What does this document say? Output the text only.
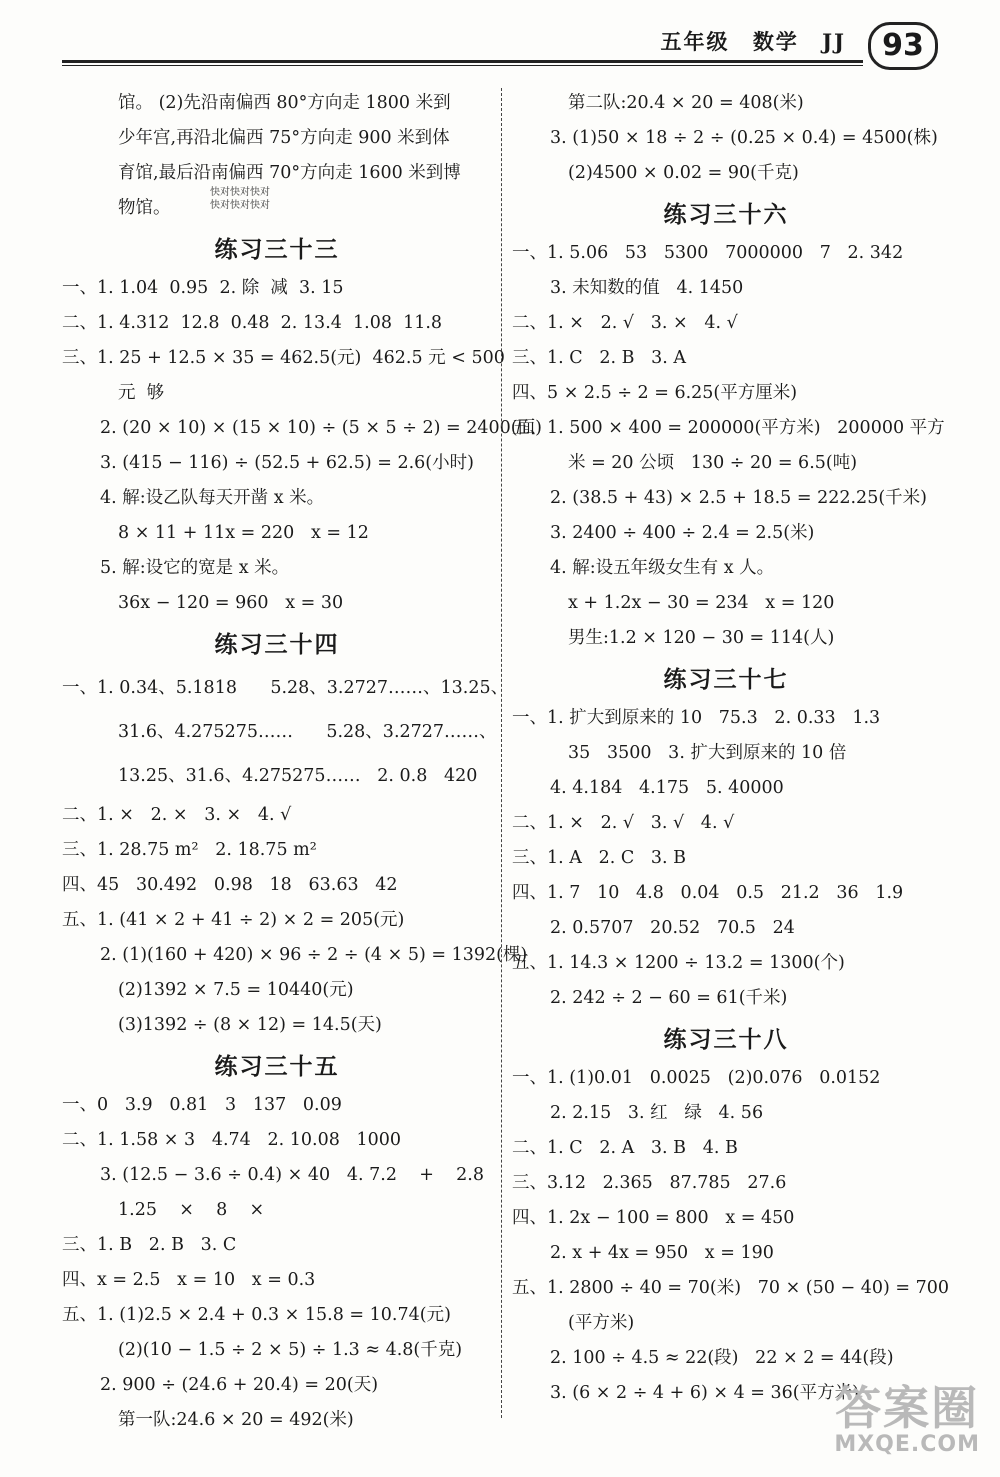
五年级 数学 JJ	93
馆。 (2)先沿南偏西 80°方向走 1800 米到
少年宫,再沿北偏西 75°方向走 900 米到体
育馆,最后沿南偏西 70°方向走 1600 米到博
物馆。
练习三十三
一、1. 1.04  0.95  2. 除  减  3. 15
二、1. 4.312  12.8  0.48  2. 13.4  1.08  11.8
三、1. 25 + 12.5 × 35 = 462.5(元)  462.5 元 < 500
元  够
2. (20 × 10) × (15 × 10) ÷ (5 × 5 ÷ 2) = 2400(面)
3. (415 − 116) ÷ (52.5 + 62.5) = 2.6(小时)
4. 解:设乙队每天开凿 x 米。
8 × 11 + 11x = 220   x = 12
5. 解:设它的宽是 x 米。
36x − 120 = 960   x = 30
练习三十四
一、1. 0.34、5.1818      5.28、3.2727……、13.25、
31.6、4.275275……      5.28、3.2727……、
13.25、31.6、4.275275……   2. 0.8   420
二、1. ×   2. ×   3. ×   4. √
三、1. 28.75 m²   2. 18.75 m²
四、45   30.492   0.98   18   63.63   42
五、1. (41 × 2 + 41 ÷ 2) × 2 = 205(元)
2. (1)(160 + 420) × 96 ÷ 2 ÷ (4 × 5) = 1392(棵)
(2)1392 × 7.5 = 10440(元)
(3)1392 ÷ (8 × 12) = 14.5(天)
练习三十五
一、0   3.9   0.81   3   137   0.09
二、1. 1.58 × 3   4.74   2. 10.08   1000
3. (12.5 − 3.6 ÷ 0.4) × 40   4. 7.2    +    2.8
1.25    ×    8    ×
三、1. B   2. B   3. C
四、x = 2.5   x = 10   x = 0.3
五、1. (1)2.5 × 2.4 + 0.3 × 15.8 = 10.74(元)
(2)(10 − 1.5 ÷ 2 × 5) ÷ 1.3 ≈ 4.8(千克)
2. 900 ÷ (24.6 + 20.4) = 20(天)
第一队:24.6 × 20 = 492(米)
第二队:20.4 × 20 = 408(米)
3. (1)50 × 18 ÷ 2 ÷ (0.25 × 0.4) = 4500(株)
(2)4500 × 0.02 = 90(千克)
练习三十六
一、1. 5.06   53   5300   7000000   7   2. 342
3. 未知数的值   4. 1450
二、1. ×   2. √   3. ×   4. √
三、1. C   2. B   3. A
四、5 × 2.5 ÷ 2 = 6.25(平方厘米)
五、1. 500 × 400 = 200000(平方米)   200000 平方
米 = 20 公顷   130 ÷ 20 = 6.5(吨)
2. (38.5 + 43) × 2.5 + 18.5 = 222.25(千米)
3. 2400 ÷ 400 ÷ 2.4 = 2.5(米)
4. 解:设五年级女生有 x 人。
x + 1.2x − 30 = 234   x = 120
男生:1.2 × 120 − 30 = 114(人)
练习三十七
一、1. 扩大到原来的 10   75.3   2. 0.33   1.3
35   3500   3. 扩大到原来的 10 倍
4. 4.184   4.175   5. 40000
二、1. ×   2. √   3. √   4. √
三、1. A   2. C   3. B
四、1. 7   10   4.8   0.04   0.5   21.2   36   1.9
2. 0.5707   20.52   70.5   24
五、1. 14.3 × 1200 ÷ 13.2 = 1300(个)
2. 242 ÷ 2 − 60 = 61(千米)
练习三十八
一、1. (1)0.01   0.0025   (2)0.076   0.0152
2. 2.15   3. 红   绿   4. 56
二、1. C   2. A   3. B   4. B
三、3.12   2.365   87.785   27.6
四、1. 2x − 100 = 800   x = 450
2. x + 4x = 950   x = 190
五、1. 2800 ÷ 40 = 70(米)   70 × (50 − 40) = 700
(平方米)
2. 100 ÷ 4.5 ≈ 22(段)   22 × 2 = 44(段)
3. (6 × 2 ÷ 4 + 6) × 4 = 36(平方米)
快对快对快对
快对快对快对
答案圈
MXQE.COM
